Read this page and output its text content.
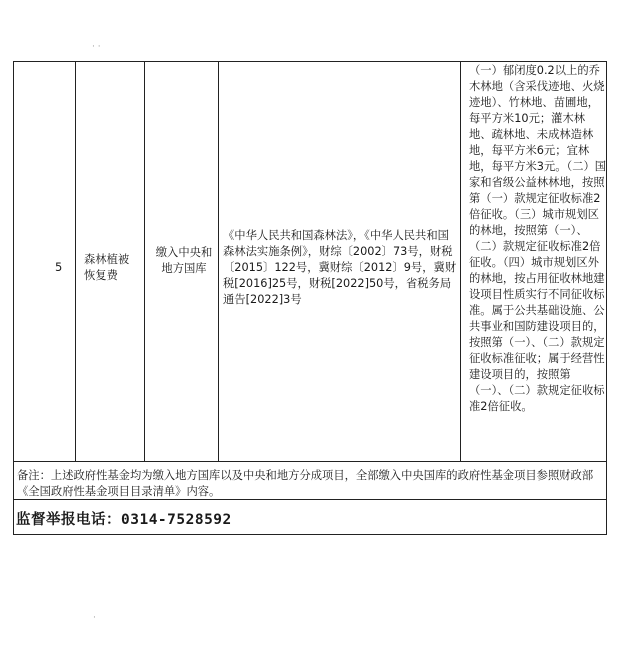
· ·
·
5
森林植被恢复费
缴入中央和地方国库
《中华人民共和国森林法》，《中华人民共和国森林法实施条例》，财综〔2002〕73号，财税〔2015〕122号，冀财综〔2012〕9号，冀财税[2016]25号，财税[2022]50号，省税务局通告[2022]3号
（一）郁闭度0.2以上的乔木林地（含采伐迹地、火烧迹地）、竹林地、苗圃地，每平方米10元；灌木林地、疏林地、未成林造林地，每平方米6元；宜林地，每平方米3元。（二）国家和省级公益林林地，按照第（一）款规定征收标准2倍征收。（三）城市规划区的林地，按照第（一）、（二）款规定征收标准2倍征收。（四）城市规划区外的林地，按占用征收林地建设项目性质实行不同征收标准。属于公共基础设施、公共事业和国防建设项目的，按照第（一）、（二）款规定征收标准征收；属于经营性建设项目的，按照第（一）、（二）款规定征收标准2倍征收。
备注：上述政府性基金均为缴入地方国库以及中央和地方分成项目，全部缴入中央国库的政府性基金项目参照财政部《全国政府性基金项目目录清单》内容。
监督举报电话：0314-7528592
